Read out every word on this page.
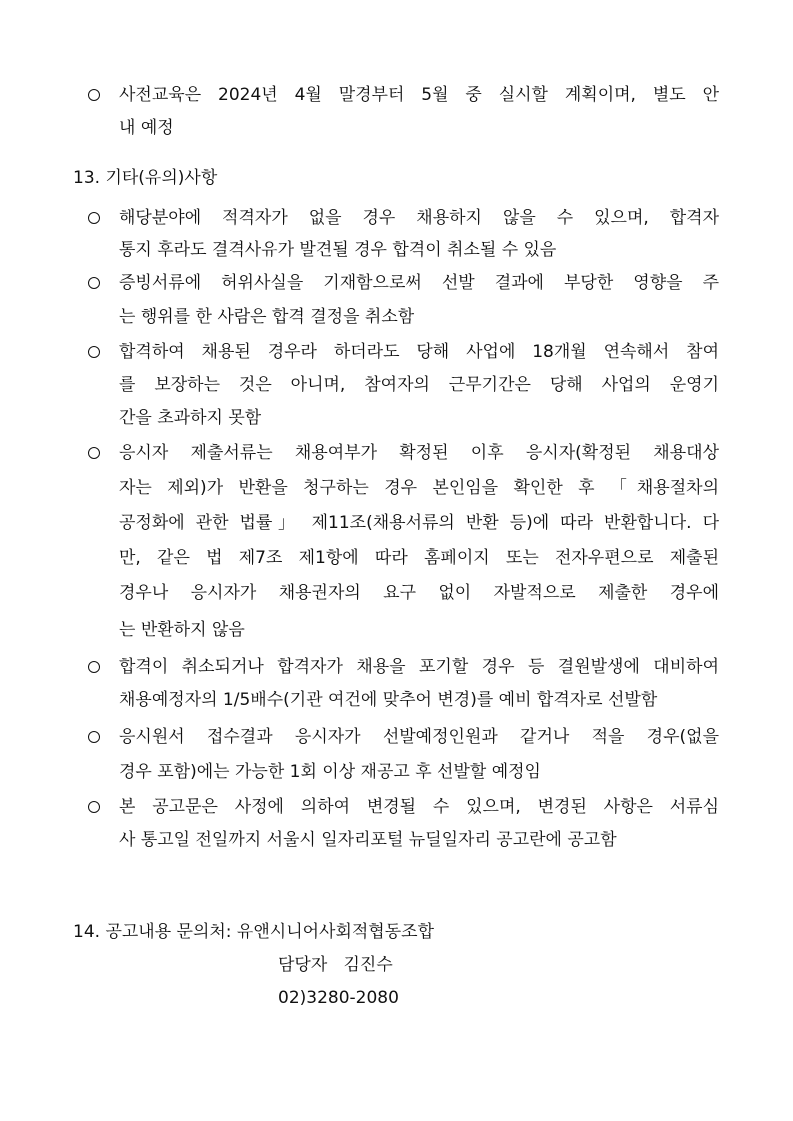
사전교육은 2024년 4월 말경부터 5월 중 실시할 계획이며, 별도 안
내 예정
13. 기타(유의)사항
해당분야에 적격자가 없을 경우 채용하지 않을 수 있으며, 합격자
통지 후라도 결격사유가 발견될 경우 합격이 취소될 수 있음
증빙서류에 허위사실을 기재함으로써 선발 결과에 부당한 영향을 주
는 행위를 한 사람은 합격 결정을 취소함
합격하여 채용된 경우라 하더라도 당해 사업에 18개월 연속해서 참여
를 보장하는 것은 아니며, 참여자의 근무기간은 당해 사업의 운영기
간을 초과하지 못함
응시자 제출서류는 채용여부가 확정된 이후 응시자(확정된 채용대상
자는 제외)가 반환을 청구하는 경우 본인임을 확인한 후 「채용절차의
공정화에 관한 법률」 제11조(채용서류의 반환 등)에 따라 반환합니다. 다
만, 같은 법 제7조 제1항에 따라 홈페이지 또는 전자우편으로 제출된
경우나 응시자가 채용권자의 요구 없이 자발적으로 제출한 경우에
는 반환하지 않음
합격이 취소되거나 합격자가 채용을 포기할 경우 등 결원발생에 대비하여
채용예정자의 1/5배수(기관 여건에 맞추어 변경)를 예비 합격자로 선발함
응시원서 접수결과 응시자가 선발예정인원과 같거나 적을 경우(없을
경우 포함)에는 가능한 1회 이상 재공고 후 선발할 예정임
본 공고문은 사정에 의하여 변경될 수 있으며, 변경된 사항은 서류심
사 통고일 전일까지 서울시 일자리포털 뉴딜일자리 공고란에 공고함
14. 공고내용 문의처: 유앤시니어사회적협동조합
담당자   김진수
02)3280-2080
